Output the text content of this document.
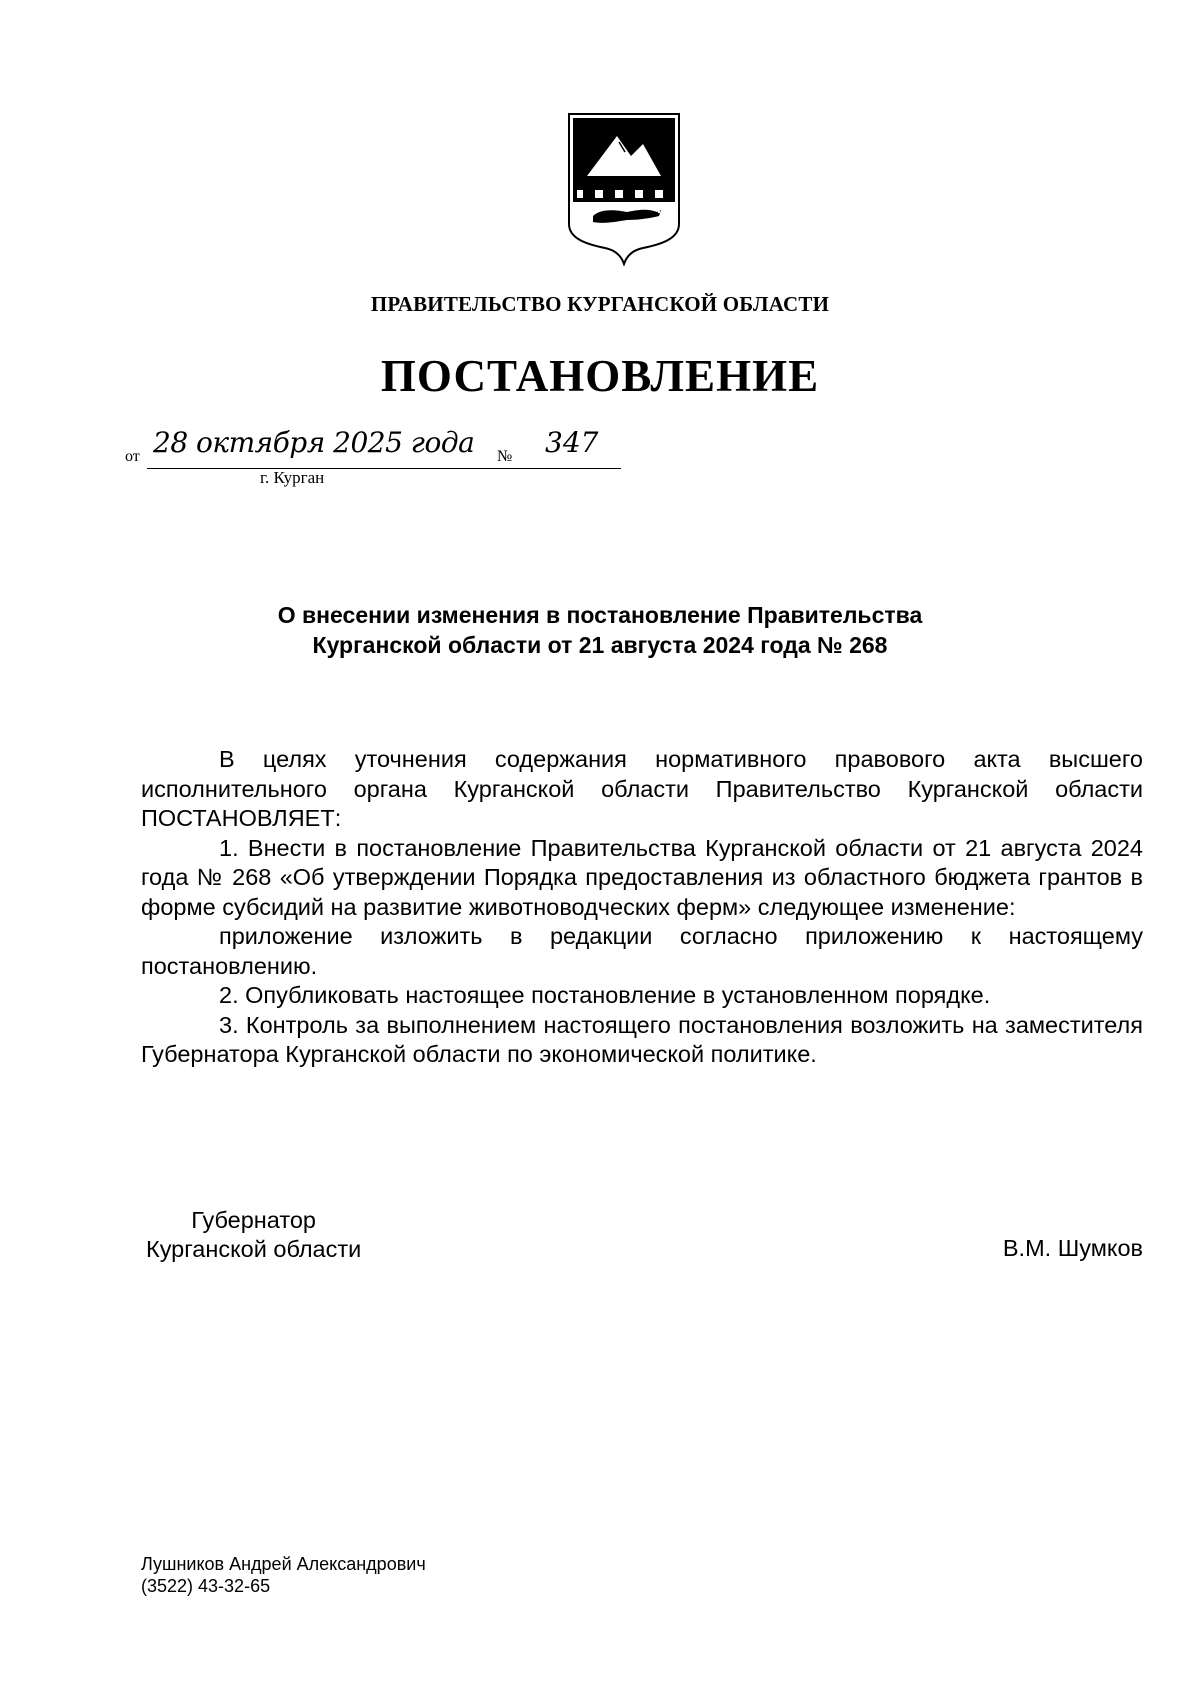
ПРАВИТЕЛЬСТВО КУРГАНСКОЙ ОБЛАСТИ
ПОСТАНОВЛЕНИЕ
от 28 октября 2025 года № 347
г. Курган
О внесении изменения в постановление Правительства
Курганской области от 21 августа 2024 года № 268

В целях уточнения содержания нормативного правового акта высшего исполнительного органа Курганской области Правительство Курганской области ПОСТАНОВЛЯЕТ:

1. Внести в постановление Правительства Курганской области от 21 августа 2024 года № 268 «Об утверждении Порядка предоставления из областного бюджета грантов в форме субсидий на развитие животноводческих ферм» следующее изменение:

приложение изложить в редакции согласно приложению к настоящему постановлению.

2. Опубликовать настоящее постановление в установленном порядке.

3. Контроль за выполнением настоящего постановления возложить на заместителя Губернатора Курганской области по экономической политике.

Губернатор
Курганской области	В.М. Шумков
Лушников Андрей Александрович
(3522) 43-32-65
